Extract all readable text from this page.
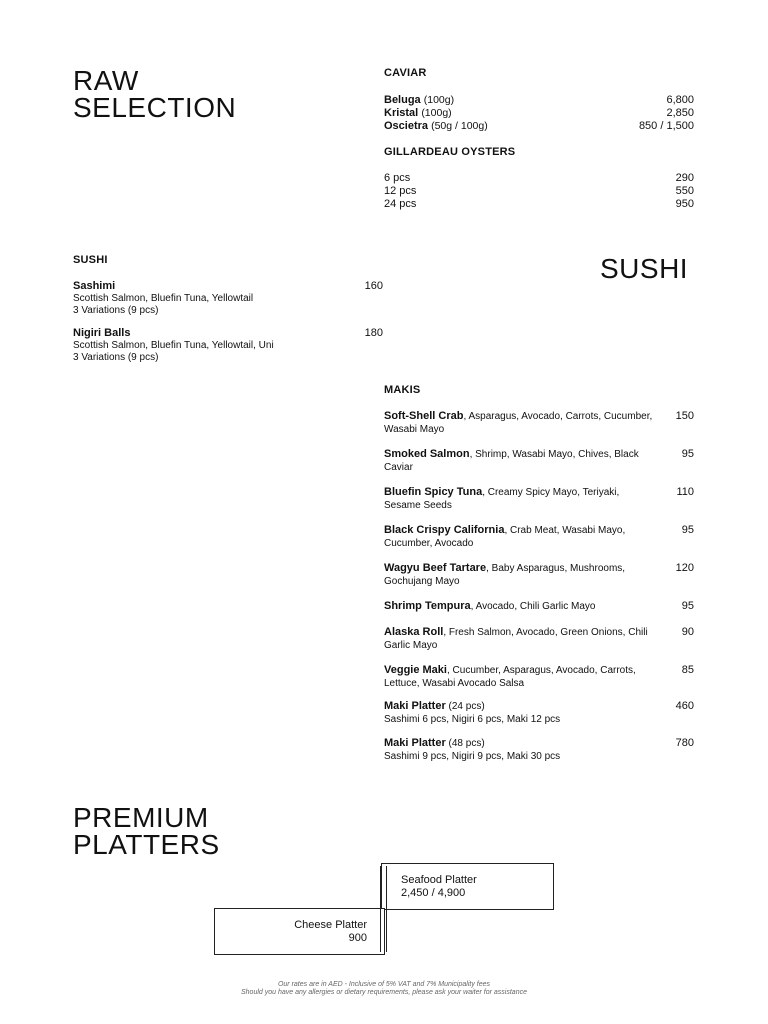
RAW
SELECTION
CAVIAR
Beluga (100g)	6,800
Kristal (100g)	2,850
Oscietra (50g / 100g)	850 / 1,500
GILLARDEAU OYSTERS
6 pcs	290
12 pcs	550
24 pcs	950
SUSHI
SUSHI
Sashimi
Scottish Salmon, Bluefin Tuna, Yellowtail
3 Variations (9 pcs)
160
Nigiri Balls
Scottish Salmon, Bluefin Tuna, Yellowtail, Uni
3 Variations (9 pcs)
180
MAKIS
Soft-Shell Crab, Asparagus, Avocado, Carrots, Cucumber, Wasabi Mayo
150
Smoked Salmon, Shrimp, Wasabi Mayo, Chives, Black Caviar
95
Bluefin Spicy Tuna, Creamy Spicy Mayo, Teriyaki, Sesame Seeds
110
Black Crispy California, Crab Meat, Wasabi Mayo, Cucumber, Avocado
95
Wagyu Beef Tartare, Baby Asparagus, Mushrooms, Gochujang Mayo
120
Shrimp Tempura, Avocado, Chili Garlic Mayo	95
Alaska Roll, Fresh Salmon, Avocado, Green Onions, Chili Garlic Mayo
90
Veggie Maki, Cucumber, Asparagus, Avocado, Carrots, Lettuce, Wasabi Avocado Salsa
85
Maki Platter (24 pcs)
Sashimi 6 pcs, Nigiri 6 pcs, Maki 12 pcs
460
Maki Platter (48 pcs)
Sashimi 9 pcs, Nigiri 9 pcs, Maki 30 pcs
780
PREMIUM
PLATTERS
Seafood Platter
2,450 / 4,900
Cheese Platter
900
Our rates are in AED - Inclusive of 5% VAT and 7% Municipality fees
Should you have any allergies or dietary requirements, please ask your waiter for assistance
